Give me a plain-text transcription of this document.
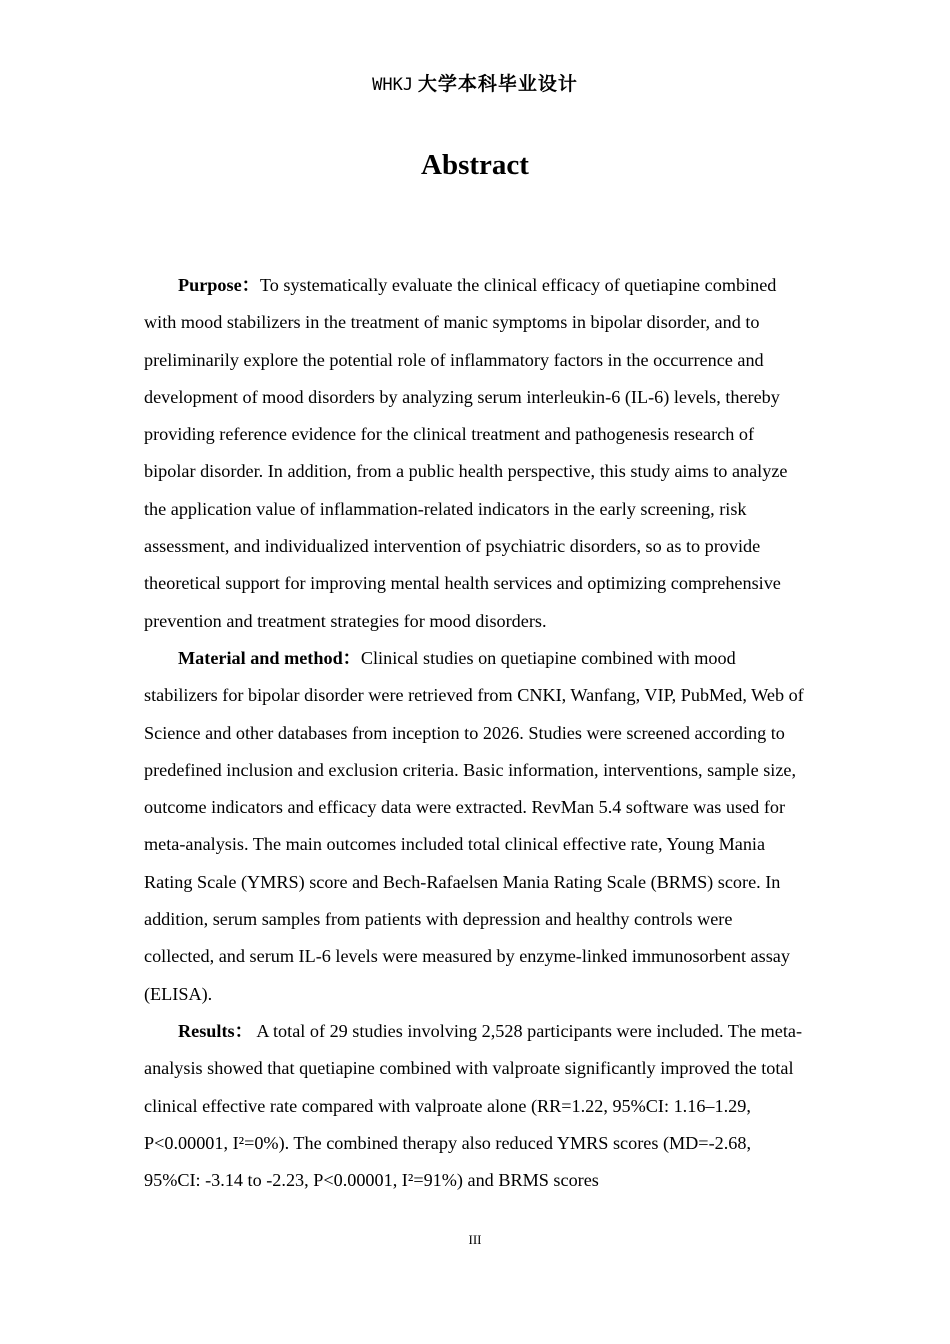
WHKJ 大学本科毕业设计
Abstract

Purpose：To systematically evaluate the clinical efficacy of quetiapine combined with mood stabilizers in the treatment of manic symptoms in bipolar disorder, and to preliminarily explore the potential role of inflammatory factors in the occurrence and development of mood disorders by analyzing serum interleukin-6 (IL-6) levels, thereby providing reference evidence for the clinical treatment and pathogenesis research of bipolar disorder. In addition, from a public health perspective, this study aims to analyze the application value of inflammation-related indicators in the early screening, risk assessment, and individualized intervention of psychiatric disorders, so as to provide theoretical support for improving mental health services and optimizing comprehensive prevention and treatment strategies for mood disorders.

Material and method：Clinical studies on quetiapine combined with mood stabilizers for bipolar disorder were retrieved from CNKI, Wanfang, VIP, PubMed, Web of Science and other databases from inception to 2026. Studies were screened according to predefined inclusion and exclusion criteria. Basic information, interventions, sample size, outcome indicators and efficacy data were extracted. RevMan 5.4 software was used for meta-analysis. The main outcomes included total clinical effective rate, Young Mania Rating Scale (YMRS) score and Bech-Rafaelsen Mania Rating Scale (BRMS) score. In addition, serum samples from patients with depression and healthy controls were collected, and serum IL-6 levels were measured by enzyme-linked immunosorbent assay (ELISA).

Results： A total of 29 studies involving 2,528 participants were included. The meta-analysis showed that quetiapine combined with valproate significantly improved the total clinical effective rate compared with valproate alone (RR=1.22, 95%CI: 1.16–1.29, P<0.00001, I²=0%). The combined therapy also reduced YMRS scores (MD=-2.68, 95%CI: -3.14 to -2.23, P<0.00001, I²=91%) and BRMS scores

III
